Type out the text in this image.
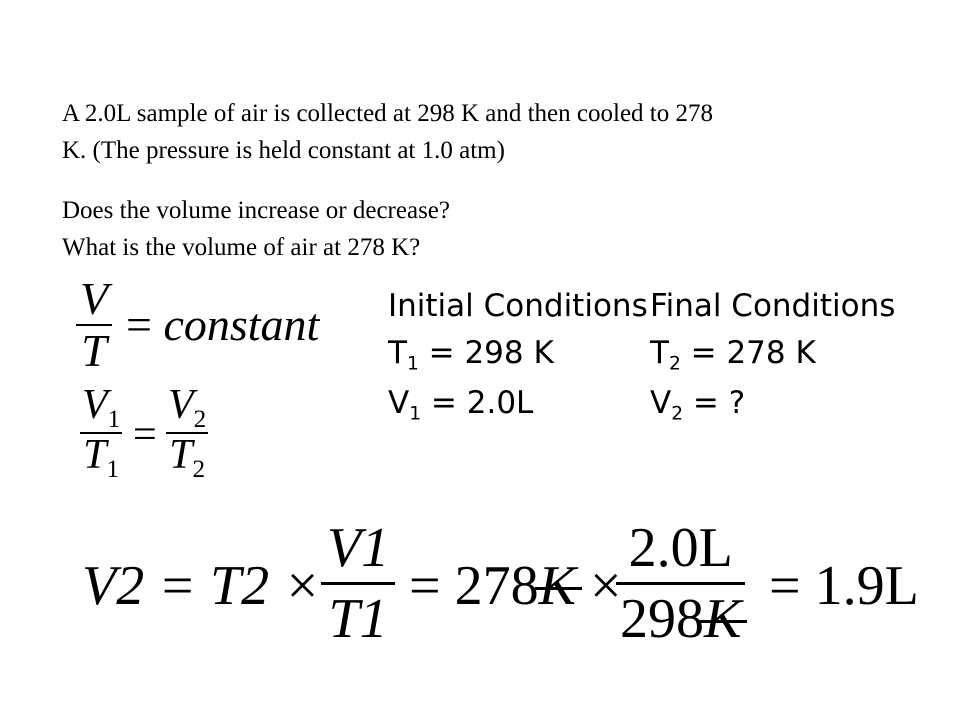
A 2.0L sample of air is collected at 298 K and then cooled to 278
K. (The pressure is held constant at 1.0 atm)

Does the volume increase or decrease?
What is the volume of air at 278 K?

V
T
= constant
$V_1$
$T_1$
=
$V_2$
$T_2$
Initial Conditions Final Conditions
$T_1 = 298$ K	$T_2 = 278$ K
$V_1 = 2.0L$	$V_2$ = ?
V2 = T2 ×
V1
T1
= 278K ×
2.0L
298K
= 1.9L
